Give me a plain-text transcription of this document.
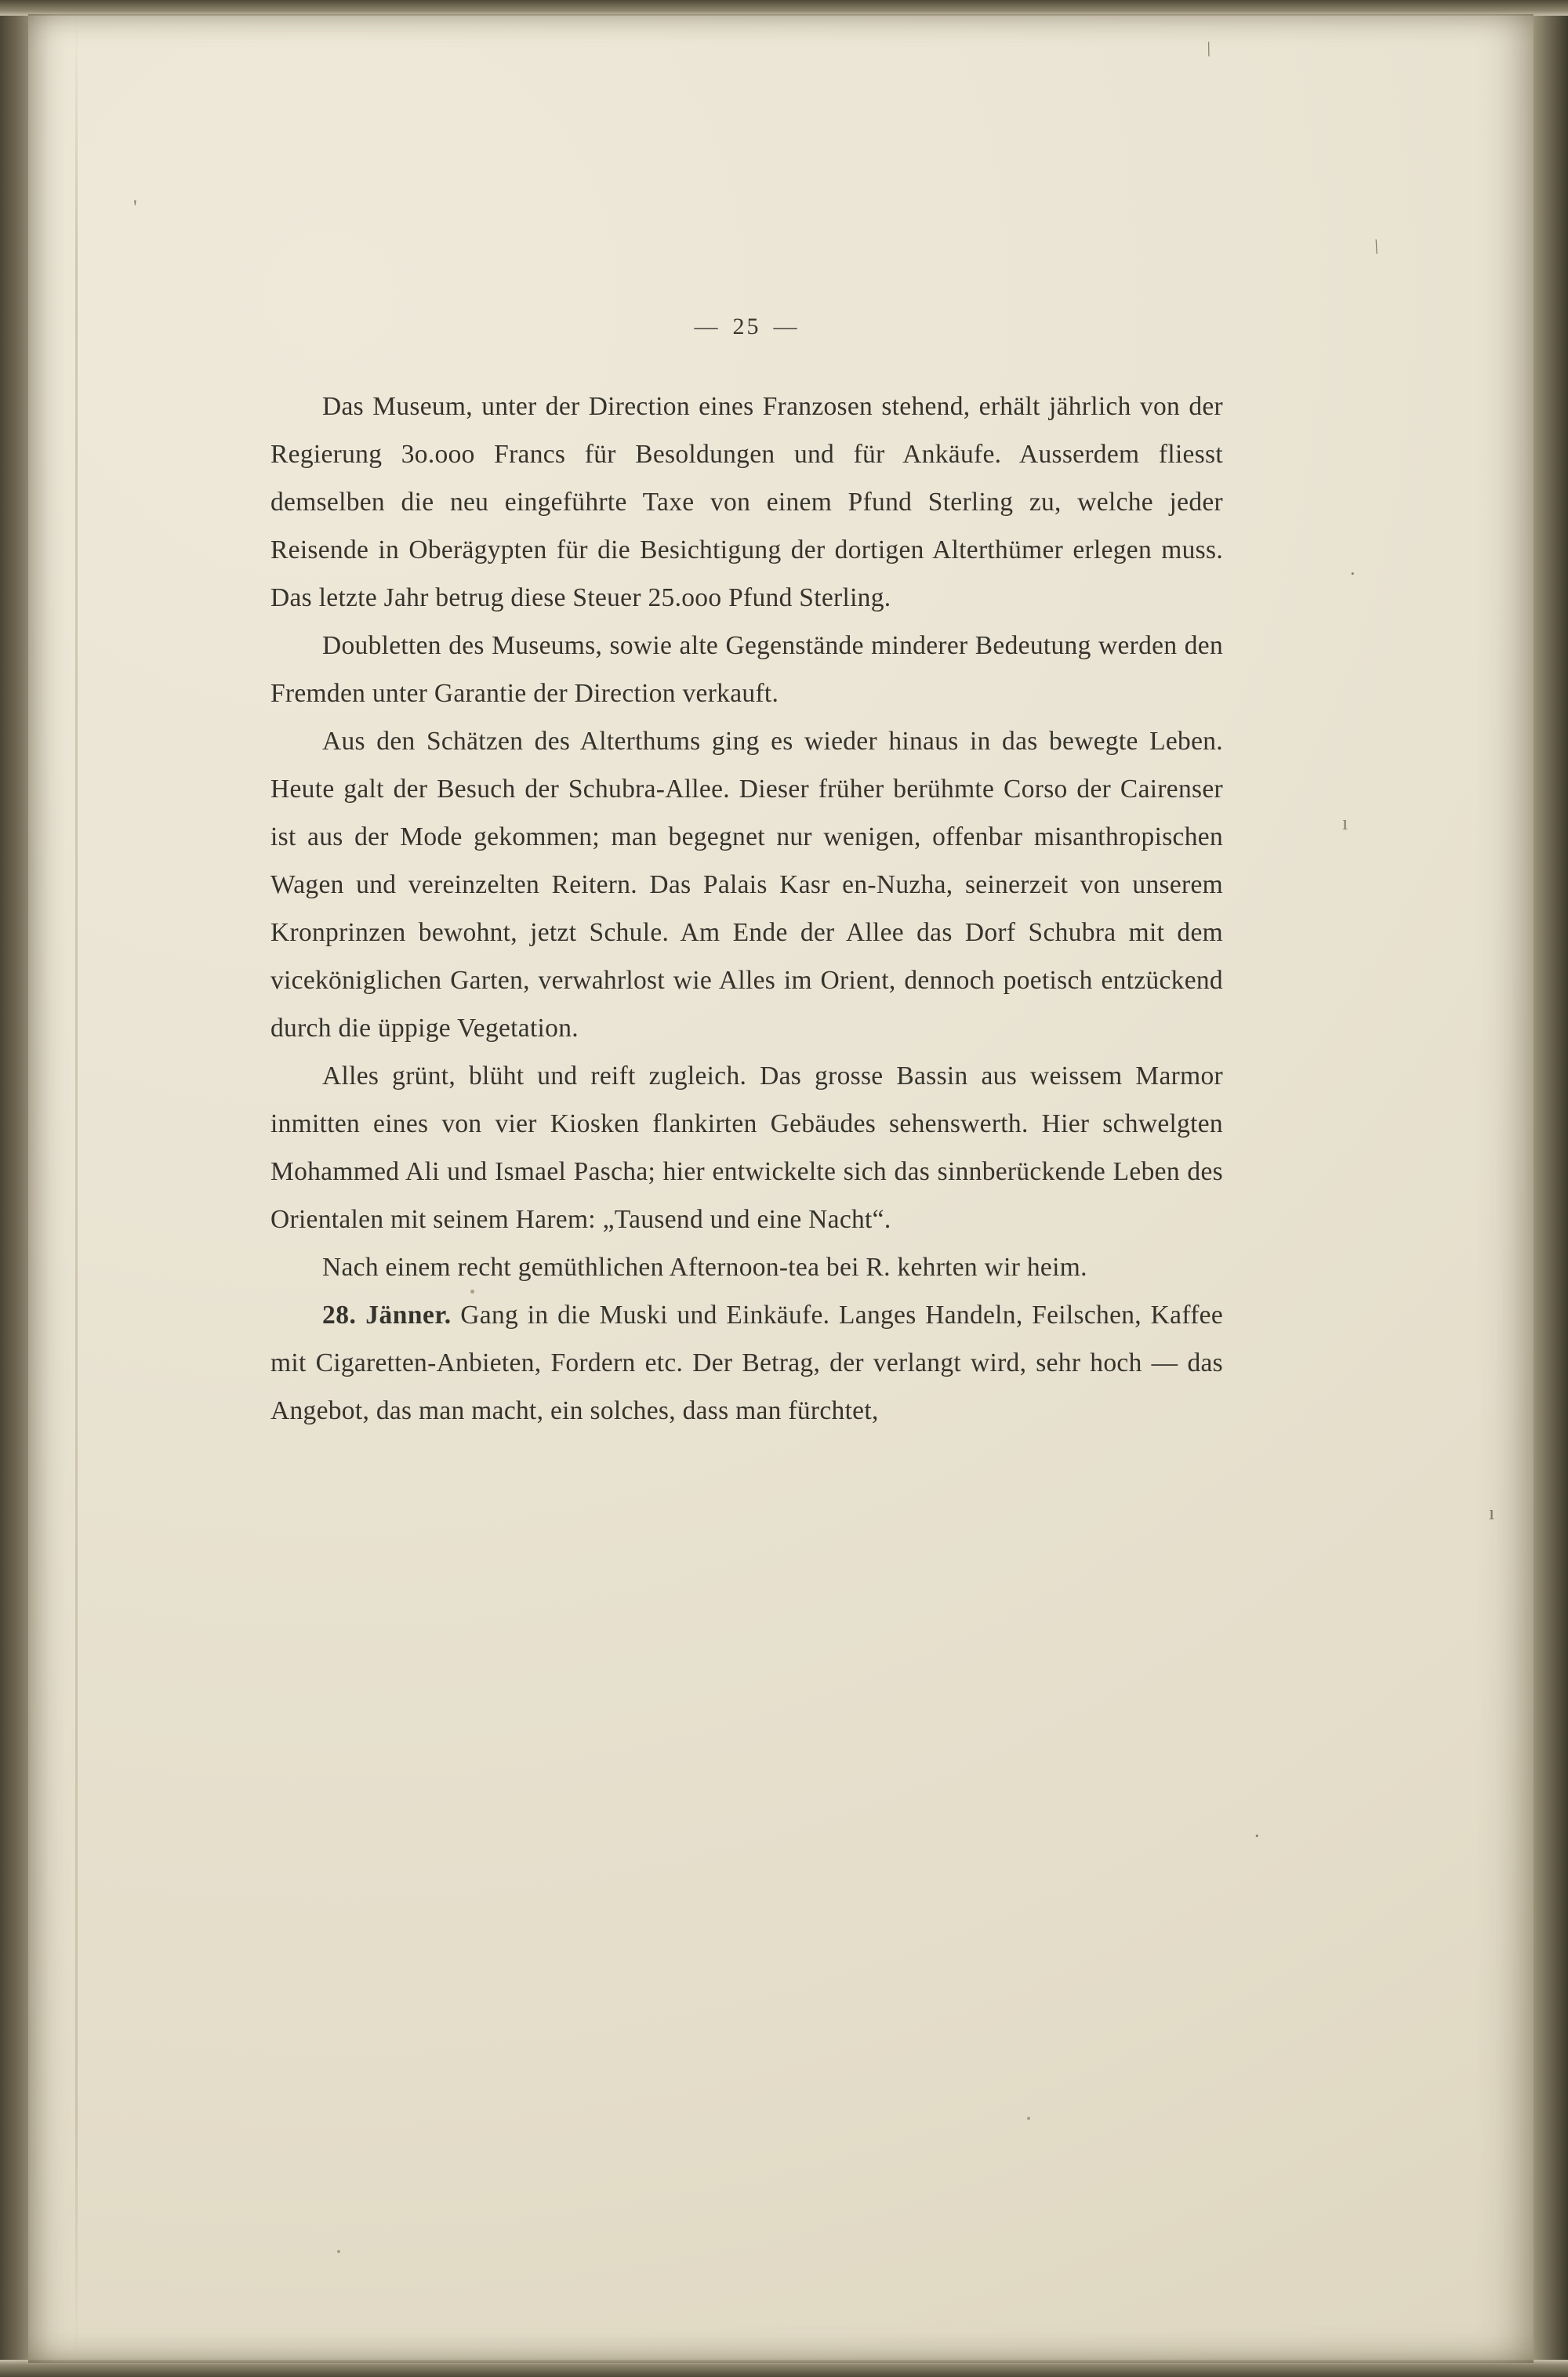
\
\
'
.
ı
ı
.
— 25 —

Das Museum, unter der Direction eines Franzosen stehend, erhält jährlich von der Regierung 3o.ooo Francs für Besoldungen und für Ankäufe. Ausserdem fliesst demselben die neu eingeführte Taxe von einem Pfund Sterling zu, welche jeder Reisende in Oberägypten für die Besichtigung der dortigen Alterthümer erlegen muss. Das letzte Jahr betrug diese Steuer 25.ooo Pfund Sterling.

Doubletten des Museums, sowie alte Gegenstände minderer Bedeutung werden den Fremden unter Garantie der Direction verkauft.

Aus den Schätzen des Alterthums ging es wieder hinaus in das bewegte Leben. Heute galt der Besuch der Schubra-Allee. Dieser früher berühmte Corso der Cairenser ist aus der Mode gekommen; man begegnet nur wenigen, offenbar misanthropischen Wagen und vereinzelten Reitern. Das Palais Kasr en-Nuzha, seinerzeit von unserem Kronprinzen bewohnt, jetzt Schule. Am Ende der Allee das Dorf Schubra mit dem viceköniglichen Garten, verwahrlost wie Alles im Orient, dennoch poetisch entzückend durch die üppige Vegetation.

Alles grünt, blüht und reift zugleich. Das grosse Bassin aus weissem Marmor inmitten eines von vier Kiosken flankirten Gebäudes sehenswerth. Hier schwelgten Mohammed Ali und Ismael Pascha; hier entwickelte sich das sinnberückende Leben des Orientalen mit seinem Harem: „Tausend und eine Nacht“.

Nach einem recht gemüthlichen Afternoon-tea bei R. kehrten wir heim.

28. Jänner. Gang in die Muski und Einkäufe. Langes Handeln, Feilschen, Kaffee mit Cigaretten-Anbieten, Fordern etc. Der Betrag, der verlangt wird, sehr hoch — das Angebot, das man macht, ein solches, dass man fürchtet,
